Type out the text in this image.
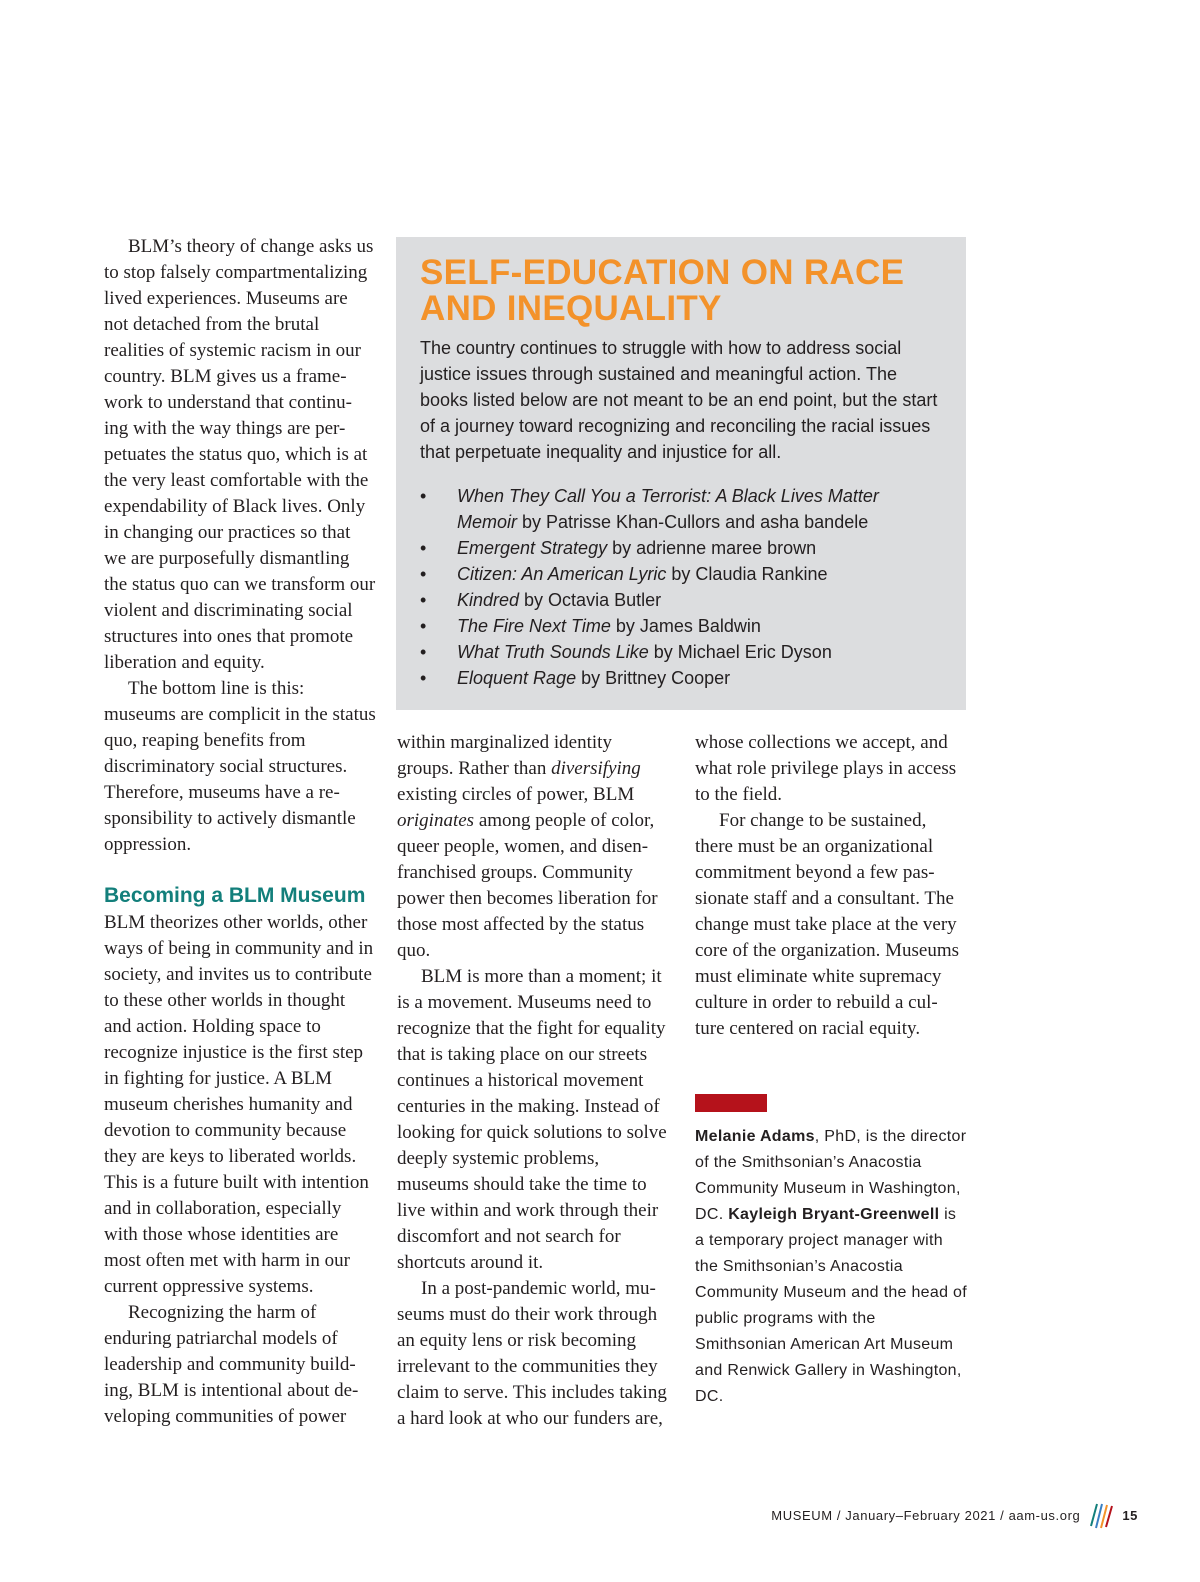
BLM’s theory of change asks us to stop falsely compartmentalizing lived experiences. Museums are not detached from the brutal realities of systemic racism in our country. BLM gives us a frame-work to understand that continu-ing with the way things are per-petuates the status quo, which is at the very least comfortable with the expendability of Black lives. Only in changing our practices so that we are purposefully dismantling the status quo can we transform our violent and discriminating social structures into ones that promote liberation and equity.

The bottom line is this: museums are complicit in the status quo, reaping benefits from discriminatory social structures. Therefore, museums have a re-sponsibility to actively dismantle oppression.

Becoming a BLM Museum

BLM theorizes other worlds, other ways of being in community and in society, and invites us to contribute to these other worlds in thought and action. Holding space to recognize injustice is the first step in fighting for justice. A BLM museum cherishes humanity and devotion to community because they are keys to liberated worlds. This is a future built with intention and in collaboration, especially with those whose identities are most often met with harm in our current oppressive systems.

Recognizing the harm of enduring patriarchal models of leadership and community build-ing, BLM is intentional about de-veloping communities of power

SELF-EDUCATION ON RACE AND INEQUALITY

The country continues to struggle with how to address social justice issues through sustained and meaningful action. The books listed below are not meant to be an end point, but the start of a journey toward recognizing and reconciling the racial issues that perpetuate inequality and injustice for all.

• When They Call You a Terrorist: A Black Lives Matter Memoir by Patrisse Khan-Cullors and asha bandele
• Emergent Strategy by adrienne maree brown
• Citizen: An American Lyric by Claudia Rankine
• Kindred by Octavia Butler
• The Fire Next Time by James Baldwin
• What Truth Sounds Like by Michael Eric Dyson
• Eloquent Rage by Brittney Cooper

within marginalized identity groups. Rather than diversifying existing circles of power, BLM originates among people of color, queer people, women, and disen-franchised groups. Community power then becomes liberation for those most affected by the status quo.

BLM is more than a moment; it is a movement. Museums need to recognize that the fight for equality that is taking place on our streets continues a historical movement centuries in the making. Instead of looking for quick solutions to solve deeply systemic problems, museums should take the time to live within and work through their discomfort and not search for shortcuts around it.

In a post-pandemic world, mu-seums must do their work through an equity lens or risk becoming irrelevant to the communities they claim to serve. This includes taking a hard look at who our funders are,

whose collections we accept, and what role privilege plays in access to the field.

For change to be sustained, there must be an organizational commitment beyond a few pas-sionate staff and a consultant. The change must take place at the very core of the organization. Museums must eliminate white supremacy culture in order to rebuild a cul-ture centered on racial equity.

Melanie Adams, PhD, is the director of the Smithsonian’s Anacostia Community Museum in Washington, DC. Kayleigh Bryant-Greenwell is a temporary project manager with the Smithsonian’s Anacostia Community Museum and the head of public programs with the Smithsonian American Art Museum and Renwick Gallery in Washington, DC.
MUSEUM / January–February 2021 / aam-us.org	15
